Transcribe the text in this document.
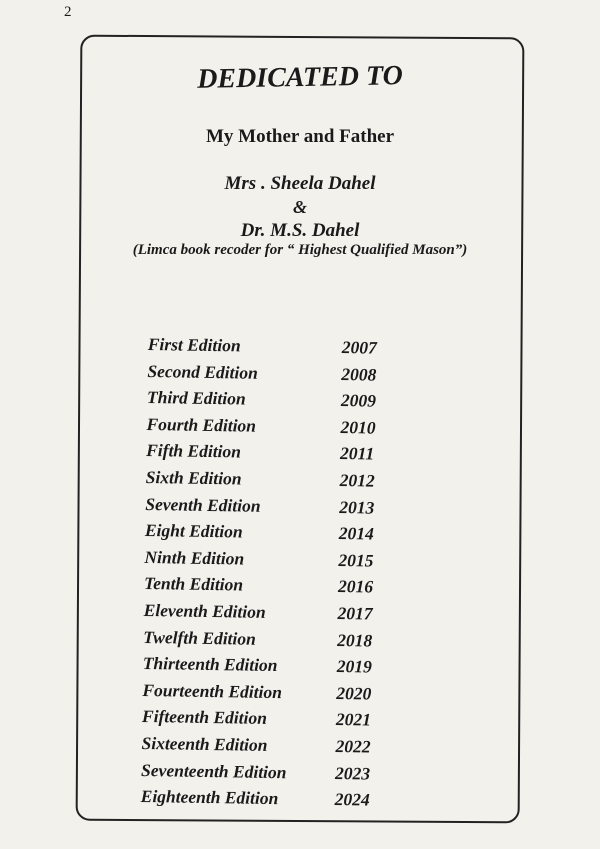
2
DEDICATED TO
My Mother and Father
Mrs . Sheela Dahel
&
Dr. M.S. Dahel
(Limca book recoder for “ Highest Qualified Mason”)
First Edition	2007
Second Edition	2008
Third Edition	2009
Fourth Edition	2010
Fifth Edition	2011
Sixth Edition	2012
Seventh Edition	2013
Eight Edition	2014
Ninth Edition	2015
Tenth Edition	2016
Eleventh Edition	2017
Twelfth Edition	2018
Thirteenth Edition	2019
Fourteenth Edition	2020
Fifteenth Edition	2021
Sixteenth Edition	2022
Seventeenth Edition	2023
Eighteenth Edition	2024
